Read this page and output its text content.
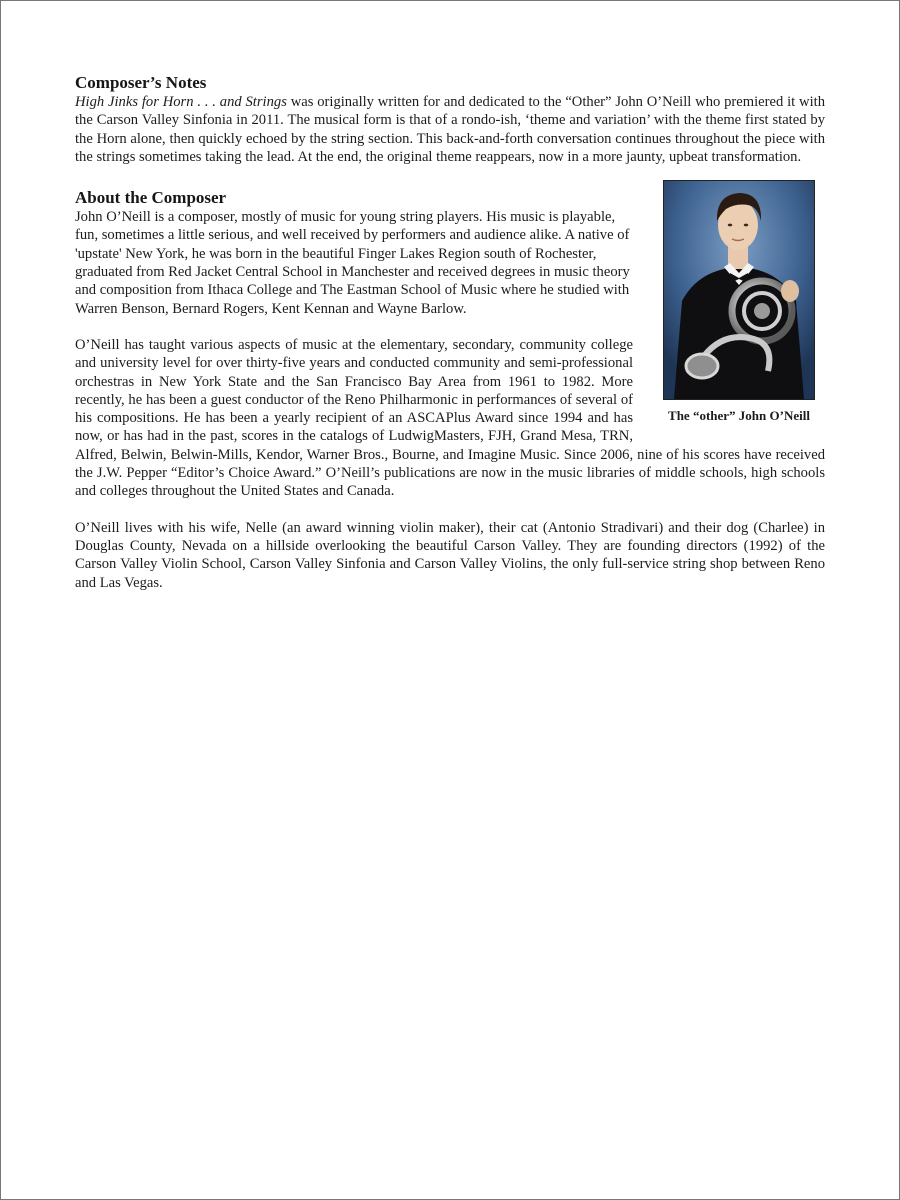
Composer’s Notes

High Jinks for Horn . . . and Strings was originally written for and dedicated to the “Other” John O’Neill who premiered it with the Carson Valley Sinfonia in 2011. The musical form is that of a rondo-ish, ‘theme and variation’ with the theme first stated by the Horn alone, then quickly echoed by the string section. This back-and-forth conversation continues throughout the piece with the strings sometimes taking the lead. At the end, the original theme reappears, now in a more jaunty, upbeat transformation.

About the Composer
The “other” John O’Neill

John O’Neill is a composer, mostly of music for young string players. His music is playable, fun, sometimes a little serious, and well received by performers and audience alike. A native of 'upstate' New York, he was born in the beautiful Finger Lakes Region south of Rochester, graduated from Red Jacket Central School in Manchester and received degrees in music theory and composition from Ithaca College and The Eastman School of Music where he studied with Warren Benson, Bernard Rogers, Kent Kennan and Wayne Barlow.

O’Neill has taught various aspects of music at the elementary, secondary, community college and university level for over thirty-five years and conducted community and semi-professional orchestras in New York State and the San Francisco Bay Area from 1961 to 1982. More recently, he has been a guest conductor of the Reno Philharmonic in performances of several of his compositions. He has been a yearly recipient of an ASCAPlus Award since 1994 and has now, or has had in the past, scores in the catalogs of LudwigMasters, FJH, Grand Mesa, TRN, Alfred, Belwin, Belwin-Mills, Kendor, Warner Bros., Bourne, and Imagine Music. Since 2006, nine of his scores have received the J.W. Pepper “Editor’s Choice Award.” O’Neill’s publications are now in the music libraries of middle schools, high schools and colleges throughout the United States and Canada.

O’Neill lives with his wife, Nelle (an award winning violin maker), their cat (Antonio Stradivari) and their dog (Charlee) in Douglas County, Nevada on a hillside overlooking the beautiful Carson Valley. They are founding directors (1992) of the Carson Valley Violin School, Carson Valley Sinfonia and Carson Valley Violins, the only full-service string shop between Reno and Las Vegas.
